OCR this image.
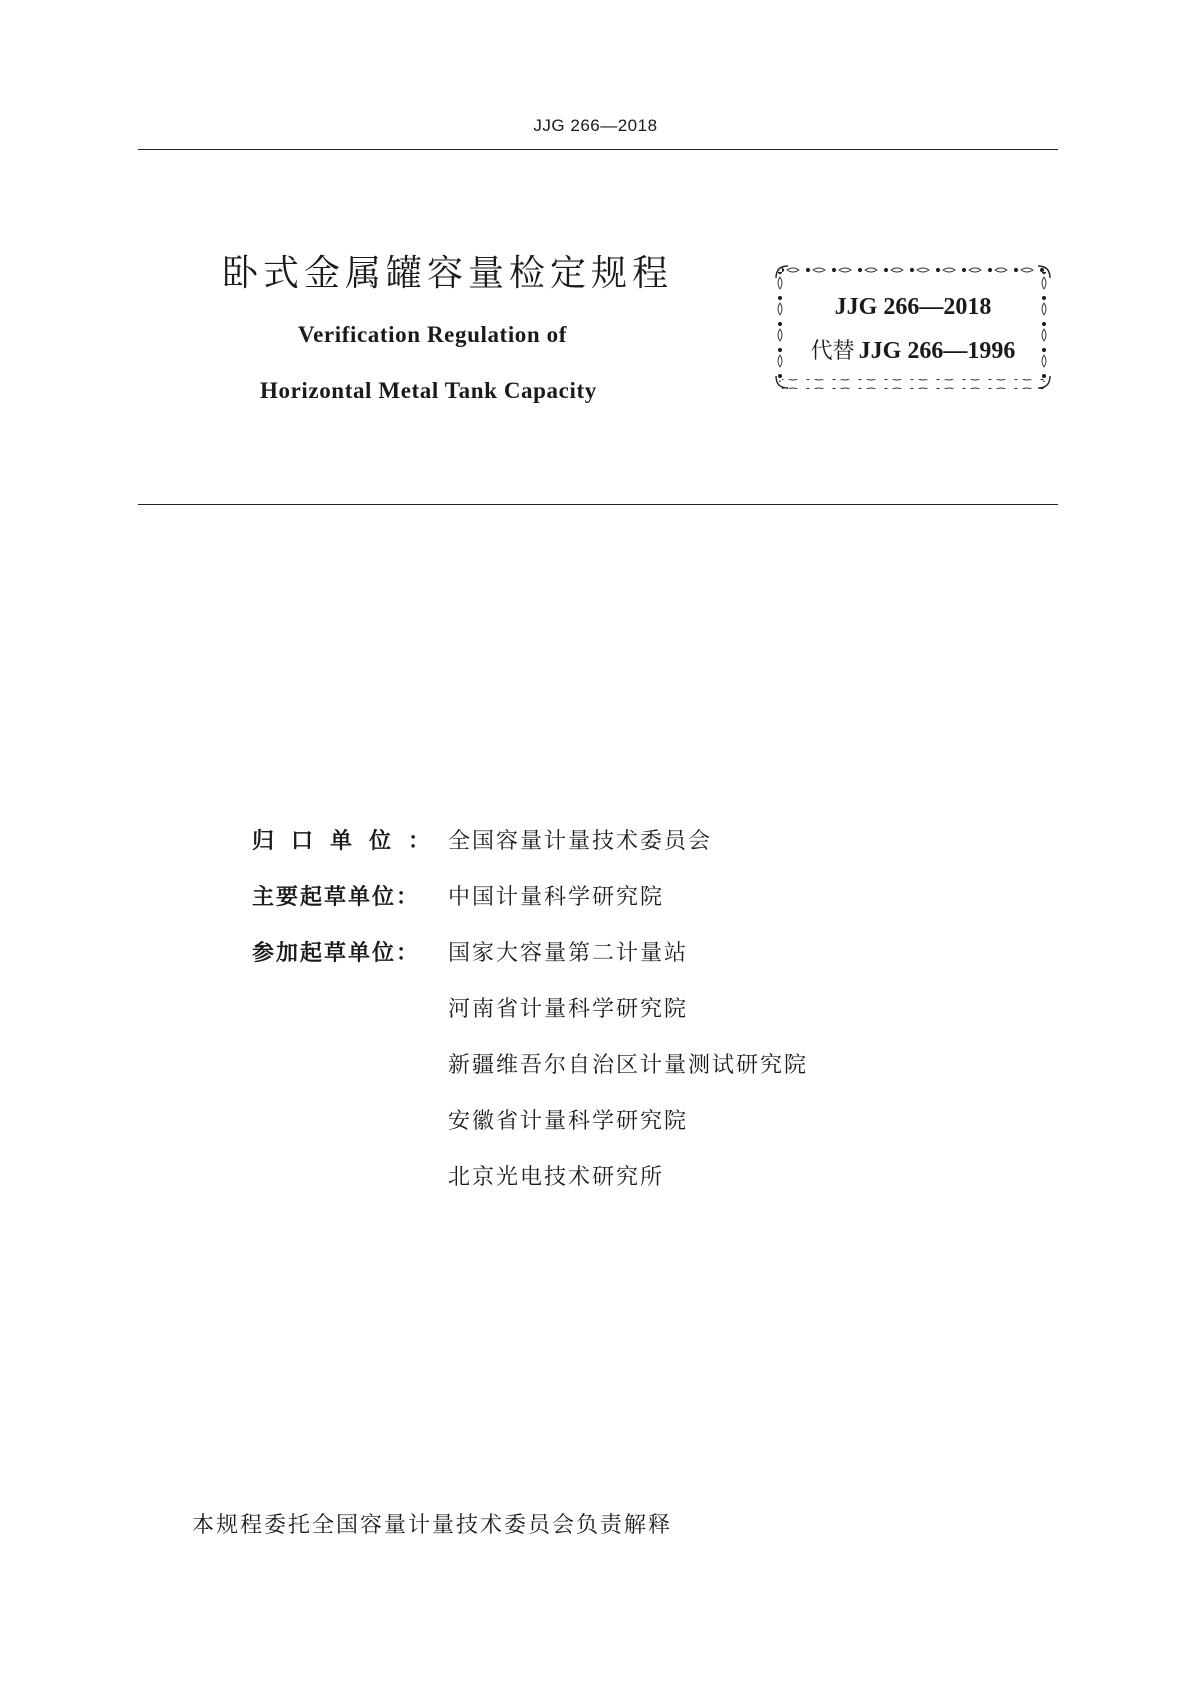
JJG 266—2018
卧式金属罐容量检定规程
Verification Regulation of
Horizontal Metal Tank Capacity
JJG 266—2018
代替 JJG 266—1996
归口单位：全国容量计量技术委员会
主要起草单位： 中国计量科学研究院
参加起草单位： 国家大容量第二计量站
河南省计量科学研究院
新疆维吾尔自治区计量测试研究院
安徽省计量科学研究院
北京光电技术研究所
本规程委托全国容量计量技术委员会负责解释
